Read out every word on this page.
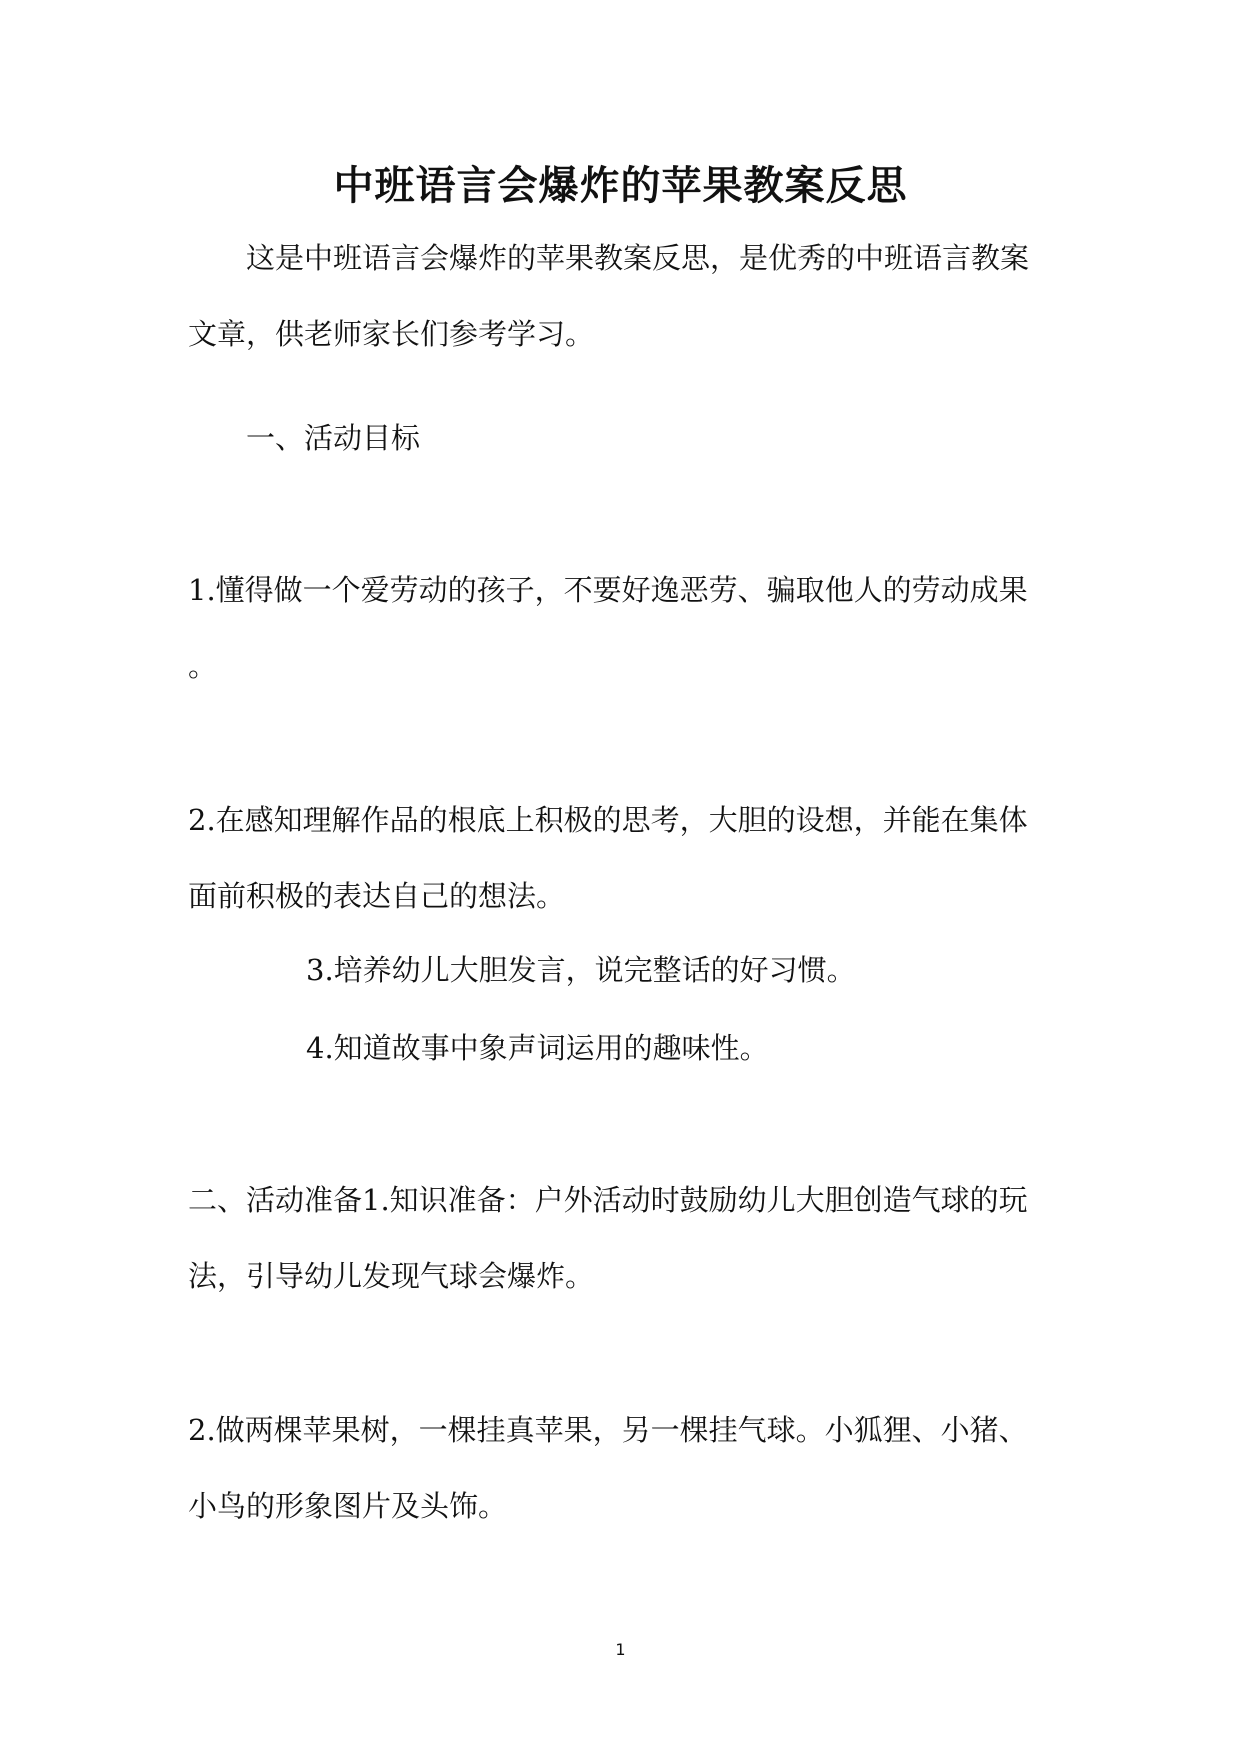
中班语言会爆炸的苹果教案反思
这是中班语言会爆炸的苹果教案反思，是优秀的中班语言教案
文章，供老师家长们参考学习。
一、活动目标
1.懂得做一个爱劳动的孩子，不要好逸恶劳、骗取他人的劳动成果
。
2.在感知理解作品的根底上积极的思考，大胆的设想，并能在集体
面前积极的表达自己的想法。
3.培养幼儿大胆发言，说完整话的好习惯。
4.知道故事中象声词运用的趣味性。
二、活动准备1.知识准备：户外活动时鼓励幼儿大胆创造气球的玩
法，引导幼儿发现气球会爆炸。
2.做两棵苹果树，一棵挂真苹果，另一棵挂气球。小狐狸、小猪、
小鸟的形象图片及头饰。
1
